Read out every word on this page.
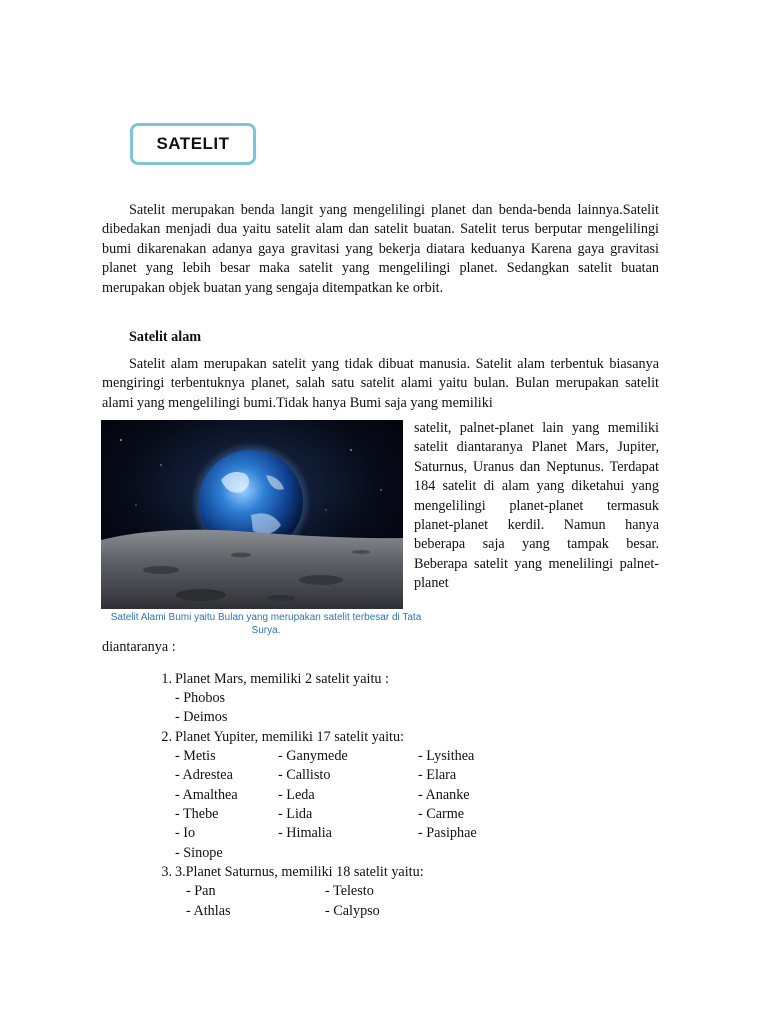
SATELIT

Satelit merupakan benda langit yang mengelilingi planet dan benda-benda lainnya.Satelit dibedakan menjadi dua yaitu satelit alam dan satelit buatan. Satelit terus berputar mengelilingi bumi dikarenakan adanya gaya gravitasi yang bekerja diatara keduanya Karena gaya gravitasi planet yang lebih besar maka satelit yang mengelilingi planet. Sedangkan satelit buatan merupakan objek buatan yang sengaja ditempatkan ke orbit.

Satelit alam

Satelit alam merupakan satelit yang tidak dibuat manusia. Satelit alam terbentuk biasanya mengiringi terbentuknya planet, salah satu satelit alami yaitu bulan. Bulan merupakan satelit alami yang mengelilingi bumi.Tidak hanya Bumi saja yang memiliki

satelit, palnet-planet lain yang memiliki satelit diantaranya Planet Mars, Jupiter, Saturnus, Uranus dan Neptunus. Terdapat 184 satelit di alam yang diketahui yang mengelilingi planet-planet termasuk planet-planet kerdil. Namun hanya beberapa saja yang tampak besar. Beberapa satelit yang menelilingi palnet-planet

Satelit Alami Bumi yaitu Bulan yang merupakan satelit terbesar di Tata Surya.
diantaranya :
1. Planet Mars, memiliki 2 satelit yaitu :
- Phobos
- Deimos
2. Planet Yupiter, memiliki 17 satelit yaitu:
- Metis	- Ganymede	- Lysithea
- Adrestea	- Callisto	- Elara
- Amalthea	- Leda	- Ananke
- Thebe	- Lida	- Carme
- Io	- Himalia	- Pasiphae
- Sinope
3. 3.Planet Saturnus, memiliki 18 satelit yaitu:
- Pan	- Telesto
- Athlas	- Calypso
